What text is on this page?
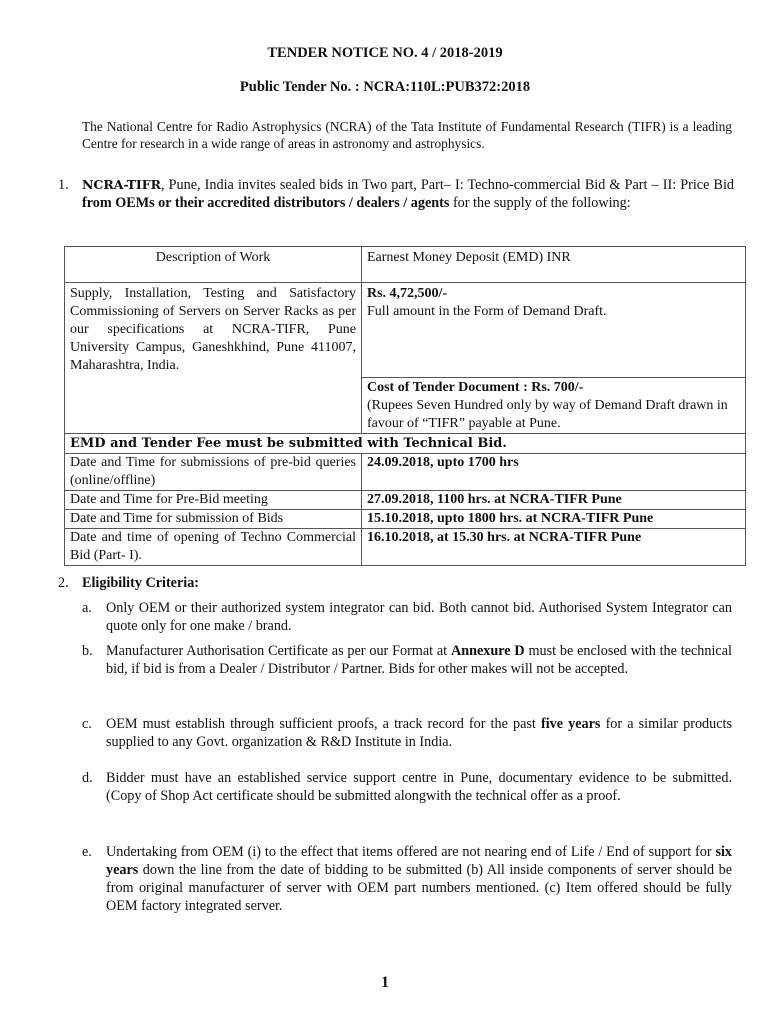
TENDER NOTICE NO. 4 / 2018-2019
Public Tender No. : NCRA:110L:PUB372:2018
The National Centre for Radio Astrophysics (NCRA) of the Tata Institute of Fundamental Research (TIFR) is a leading Centre for research in a wide range of areas in astronomy and astrophysics.
1. NCRA-TIFR, Pune, India invites sealed bids in Two part, Part– I: Techno-commercial Bid & Part – II: Price Bid from OEMs or their accredited distributors / dealers / agents for the supply of the following:
Description of Work	Earnest Money Deposit (EMD) INR
Supply, Installation, Testing and Satisfactory Commissioning of Servers on Server Racks as per our specifications at NCRA-TIFR, Pune University Campus, Ganeshkhind, Pune 411007, Maharashtra, India.	Rs. 4,72,500/-
Full amount in the Form of Demand Draft.

	Cost of Tender Document : Rs. 700/-
(Rupees Seven Hundred only by way of Demand Draft drawn in favour of “TIFR” payable at Pune.

EMD and Tender Fee must be submitted with Technical Bid.	
Date and Time for submissions of pre-bid queries (online/offline)	24.09.2018, upto 1700 hrs
Date and Time for Pre-Bid meeting	27.09.2018, 1100 hrs. at NCRA-TIFR Pune
Date and Time for submission of Bids	15.10.2018, upto 1800 hrs. at NCRA-TIFR Pune
Date and time of opening of Techno Commercial Bid (Part- I).	16.10.2018, at 15.30 hrs. at NCRA-TIFR Pune
2. Eligibility Criteria:
a. Only OEM or their authorized system integrator can bid. Both cannot bid. Authorised System Integrator can quote only for one make / brand.
b. Manufacturer Authorisation Certificate as per our Format at Annexure D must be enclosed with the technical bid, if bid is from a Dealer / Distributor / Partner. Bids for other makes will not be accepted.
c. OEM must establish through sufficient proofs, a track record for the past five years for a similar products supplied to any Govt. organization & R&D Institute in India.
d. Bidder must have an established service support centre in Pune, documentary evidence to be submitted. (Copy of Shop Act certificate should be submitted alongwith the technical offer as a proof.
e. Undertaking from OEM (i) to the effect that items offered are not nearing end of Life / End of support for six years down the line from the date of bidding to be submitted (b) All inside components of server should be from original manufacturer of server with OEM part numbers mentioned. (c) Item offered should be fully OEM factory integrated server.
1
